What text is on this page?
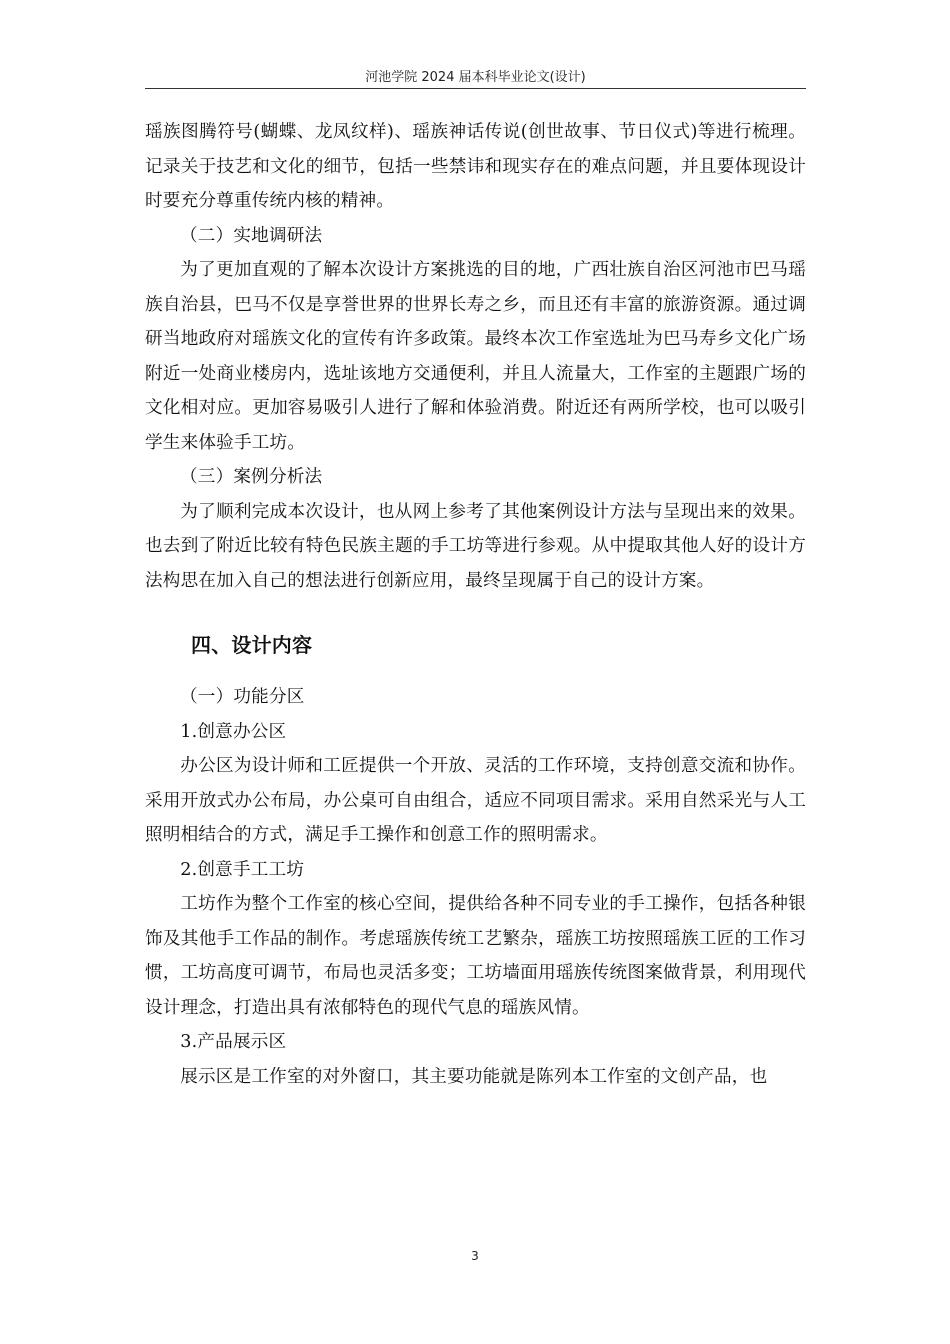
河池学院 2024 届本科毕业论文(设计)

瑶族图腾符号(蝴蝶、龙凤纹样)、瑶族神话传说(创世故事、节日仪式)等进行梳理。记录关于技艺和文化的细节，包括一些禁讳和现实存在的难点问题，并且要体现设计时要充分尊重传统内核的精神。

（二）实地调研法

为了更加直观的了解本次设计方案挑选的目的地，广西壮族自治区河池市巴马瑶族自治县，巴马不仅是享誉世界的世界长寿之乡，而且还有丰富的旅游资源。通过调研当地政府对瑶族文化的宣传有许多政策。最终本次工作室选址为巴马寿乡文化广场附近一处商业楼房内，选址该地方交通便利，并且人流量大，工作室的主题跟广场的文化相对应。更加容易吸引人进行了解和体验消费。附近还有两所学校，也可以吸引学生来体验手工坊。

（三）案例分析法

为了顺利完成本次设计，也从网上参考了其他案例设计方法与呈现出来的效果。也去到了附近比较有特色民族主题的手工坊等进行参观。从中提取其他人好的设计方法构思在加入自己的想法进行创新应用，最终呈现属于自己的设计方案。

四、设计内容

（一）功能分区

1.创意办公区

办公区为设计师和工匠提供一个开放、灵活的工作环境，支持创意交流和协作。采用开放式办公布局，办公桌可自由组合，适应不同项目需求。采用自然采光与人工照明相结合的方式，满足手工操作和创意工作的照明需求。

2.创意手工工坊

工坊作为整个工作室的核心空间，提供给各种不同专业的手工操作，包括各种银饰及其他手工作品的制作。考虑瑶族传统工艺繁杂，瑶族工坊按照瑶族工匠的工作习惯，工坊高度可调节，布局也灵活多变；工坊墙面用瑶族传统图案做背景，利用现代设计理念，打造出具有浓郁特色的现代气息的瑶族风情。

3.产品展示区

展示区是工作室的对外窗口，其主要功能就是陈列本工作室的文创产品，也

3
